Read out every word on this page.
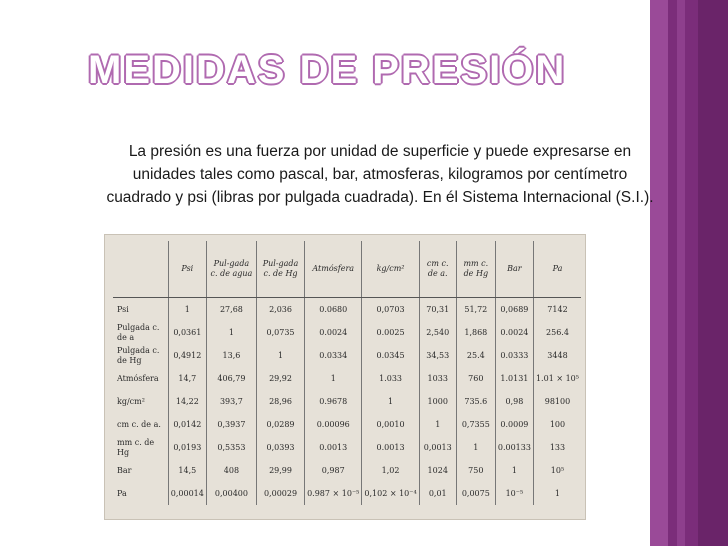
MEDIDAS DE PRESIÓN
La presión es una fuerza por unidad de superficie y puede expresarse en unidades tales como pascal, bar, atmosferas, kilogramos por centímetro cuadrado y psi (libras por pulgada cuadrada). En él Sistema Internacional (S.I.).
	Psi	Pul-gada c. de agua	Pul-gada c. de Hg	Atmósfera	kg/cm²	cm c. de a.	mm c. de Hg	Bar	Pa
Psi	1	27,68	2,036	0.0680	0,0703	70,31	51,72	0,0689	7142
Pulgada c. de a	0,0361	1	0,0735	0.0024	0.0025	2,540	1,868	0.0024	256.4
Pulgada c. de Hg	0,4912	13,6	1	0.0334	0.0345	34,53	25.4	0.0333	3448
Atmósfera	14,7	406,79	29,92	1	1.033	1033	760	1.0131	1.01 × 10⁵
kg/cm²	14,22	393,7	28,96	0.9678	1	1000	735.6	0,98	98100
cm c. de a.	0,0142	0,3937	0,0289	0.00096	0,0010	1	0,7355	0.0009	100
mm c. de Hg	0,0193	0,5353	0,0393	0.0013	0.0013	0,0013	1	0.00133	133
Bar	14,5	408	29,99	0,987	1,02	1024	750	1	10⁵
Pa	0,00014	0,00400	0,00029	0.987 × 10⁻⁵	0,102 × 10⁻⁴	0,01	0,0075	10⁻⁵	1
